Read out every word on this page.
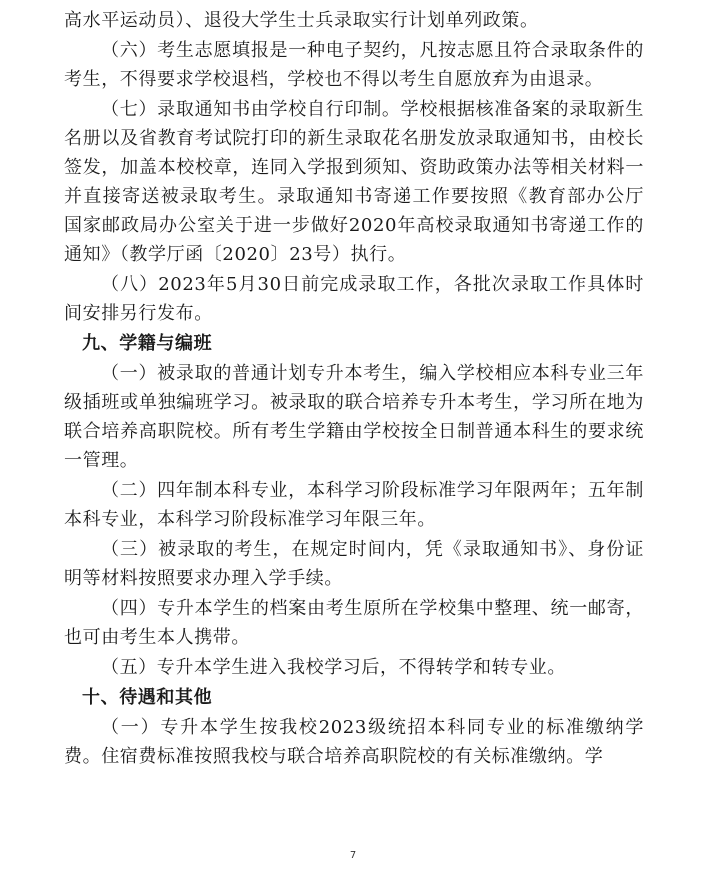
高水平运动员）、退役大学生士兵录取实行计划单列政策。

（六）考生志愿填报是一种电子契约，凡按志愿且符合录取条件的考生，不得要求学校退档，学校也不得以考生自愿放弃为由退录。

（七）录取通知书由学校自行印制。学校根据核准备案的录取新生名册以及省教育考试院打印的新生录取花名册发放录取通知书，由校长签发，加盖本校校章，连同入学报到须知、资助政策办法等相关材料一并直接寄送被录取考生。录取通知书寄递工作要按照《教育部办公厅 国家邮政局办公室关于进一步做好2020年高校录取通知书寄递工作的通知》（教学厅函〔2020〕23号）执行。

（八）2023年5月30日前完成录取工作，各批次录取工作具体时间安排另行发布。

九、学籍与编班

（一）被录取的普通计划专升本考生，编入学校相应本科专业三年级插班或单独编班学习。被录取的联合培养专升本考生，学习所在地为联合培养高职院校。所有考生学籍由学校按全日制普通本科生的要求统一管理。

（二）四年制本科专业，本科学习阶段标准学习年限两年；五年制本科专业，本科学习阶段标准学习年限三年。

（三）被录取的考生，在规定时间内，凭《录取通知书》、身份证明等材料按照要求办理入学手续。

（四）专升本学生的档案由考生原所在学校集中整理、统一邮寄，也可由考生本人携带。

（五）专升本学生进入我校学习后，不得转学和转专业。

十、待遇和其他

（一）专升本学生按我校2023级统招本科同专业的标准缴纳学费。住宿费标准按照我校与联合培养高职院校的有关标准缴纳。学

7
